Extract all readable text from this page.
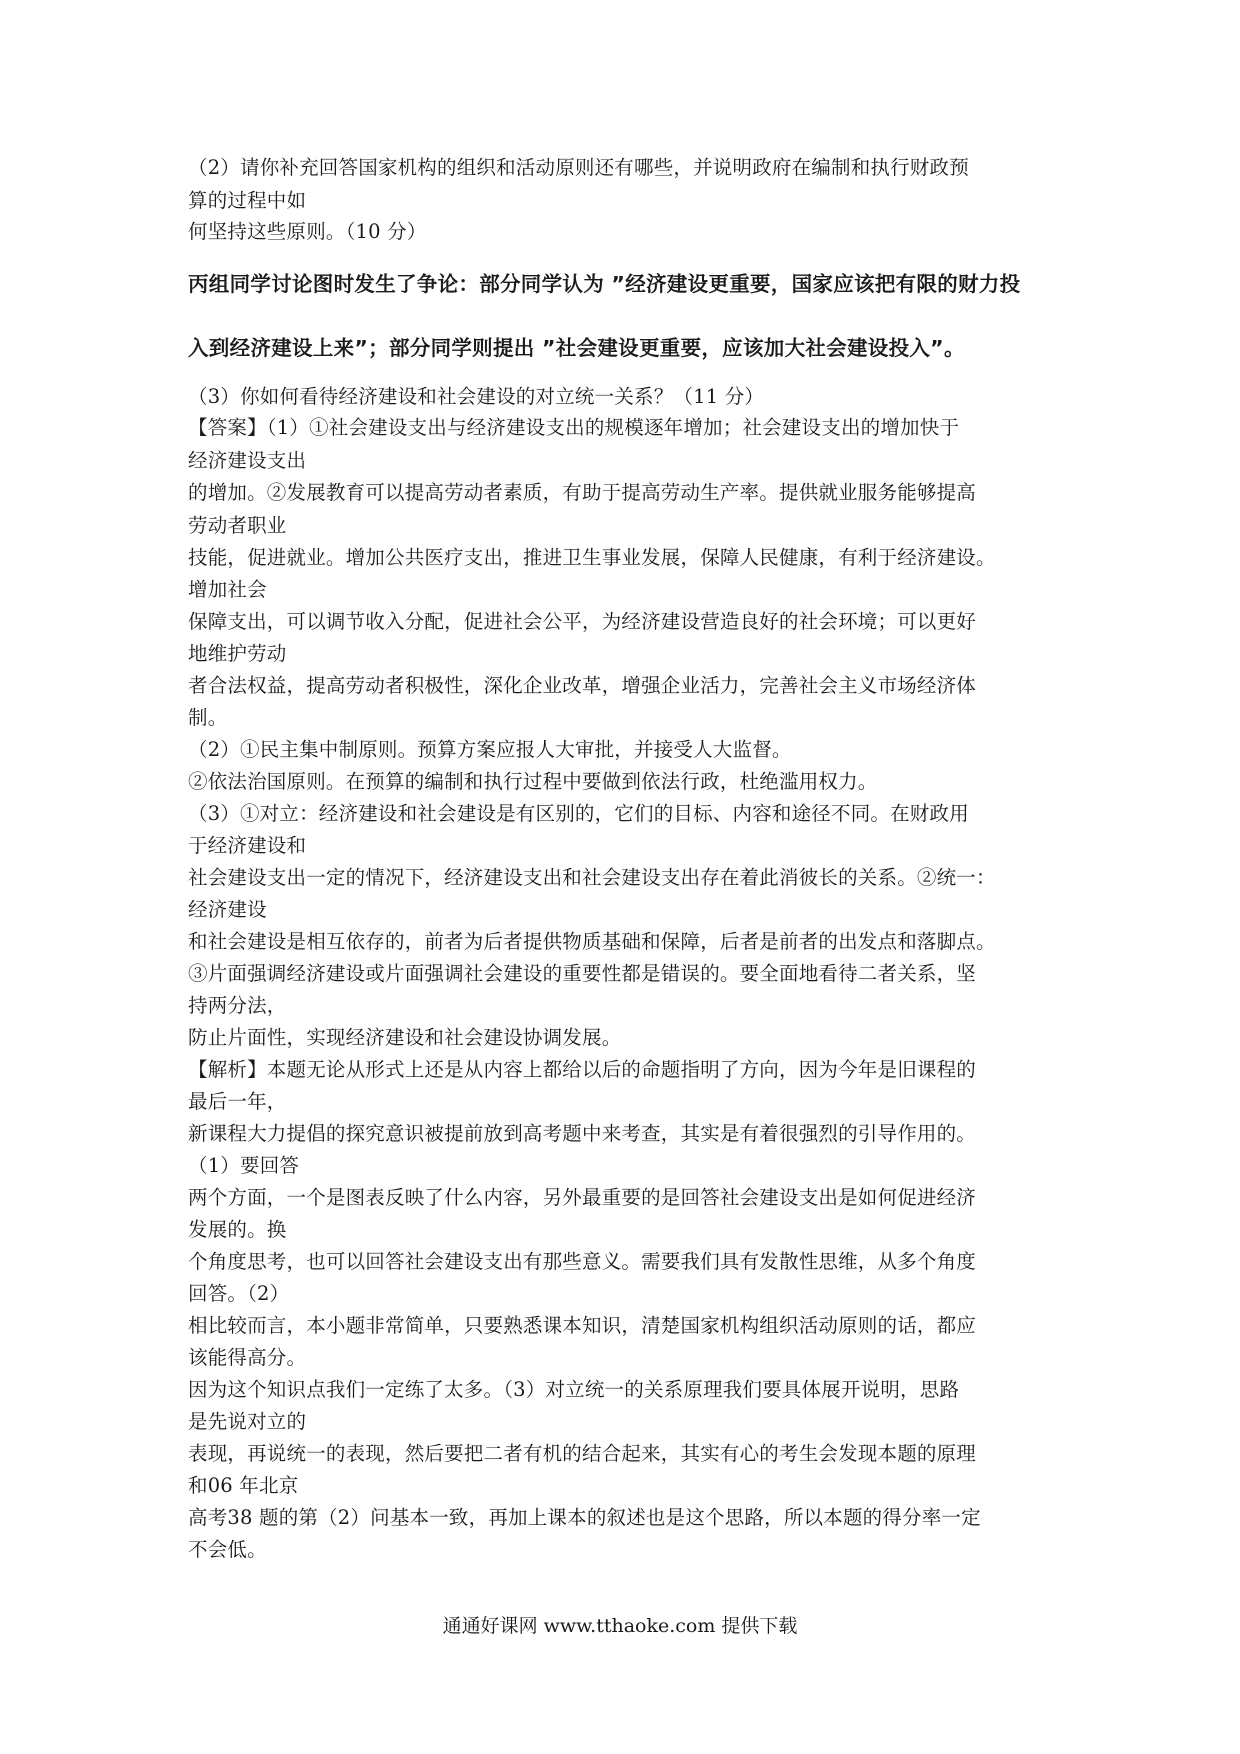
（2）请你补充回答国家机构的组织和活动原则还有哪些，并说明政府在编制和执行财政预
算的过程中如
何坚持这些原则。（10 分）
丙组同学讨论图时发生了争论：部分同学认为 ”经济建设更重要，国家应该把有限的财力投
入到经济建设上来”；部分同学则提出 ”社会建设更重要，应该加大社会建设投入”。
（3）你如何看待经济建设和社会建设的对立统一关系？（11 分）
【答案】（1）①社会建设支出与经济建设支出的规模逐年增加；社会建设支出的增加快于
经济建设支出
的增加。②发展教育可以提高劳动者素质，有助于提高劳动生产率。提供就业服务能够提高
劳动者职业
技能，促进就业。增加公共医疗支出，推进卫生事业发展，保障人民健康，有利于经济建设。
增加社会
保障支出，可以调节收入分配，促进社会公平，为经济建设营造良好的社会环境；可以更好
地维护劳动
者合法权益，提高劳动者积极性，深化企业改革，增强企业活力，完善社会主义市场经济体
制。
（2）①民主集中制原则。预算方案应报人大审批，并接受人大监督。
②依法治国原则。在预算的编制和执行过程中要做到依法行政，杜绝滥用权力。
（3）①对立：经济建设和社会建设是有区别的，它们的目标、内容和途径不同。在财政用
于经济建设和
社会建设支出一定的情况下，经济建设支出和社会建设支出存在着此消彼长的关系。②统一：
经济建设
和社会建设是相互依存的，前者为后者提供物质基础和保障，后者是前者的出发点和落脚点。
③片面强调经济建设或片面强调社会建设的重要性都是错误的。要全面地看待二者关系，坚
持两分法，
防止片面性，实现经济建设和社会建设协调发展。
【解析】本题无论从形式上还是从内容上都给以后的命题指明了方向，因为今年是旧课程的
最后一年，
新课程大力提倡的探究意识被提前放到高考题中来考查，其实是有着很强烈的引导作用的。
（1）要回答
两个方面，一个是图表反映了什么内容，另外最重要的是回答社会建设支出是如何促进经济
发展的。换
个角度思考，也可以回答社会建设支出有那些意义。需要我们具有发散性思维，从多个角度
回答。（2）
相比较而言，本小题非常简单，只要熟悉课本知识，清楚国家机构组织活动原则的话，都应
该能得高分。
因为这个知识点我们一定练了太多。（3）对立统一的关系原理我们要具体展开说明，思路
是先说对立的
表现，再说统一的表现，然后要把二者有机的结合起来，其实有心的考生会发现本题的原理
和06 年北京
高考38 题的第（2）问基本一致，再加上课本的叙述也是这个思路，所以本题的得分率一定
不会低。
通通好课网 www.tthaoke.com 提供下载
